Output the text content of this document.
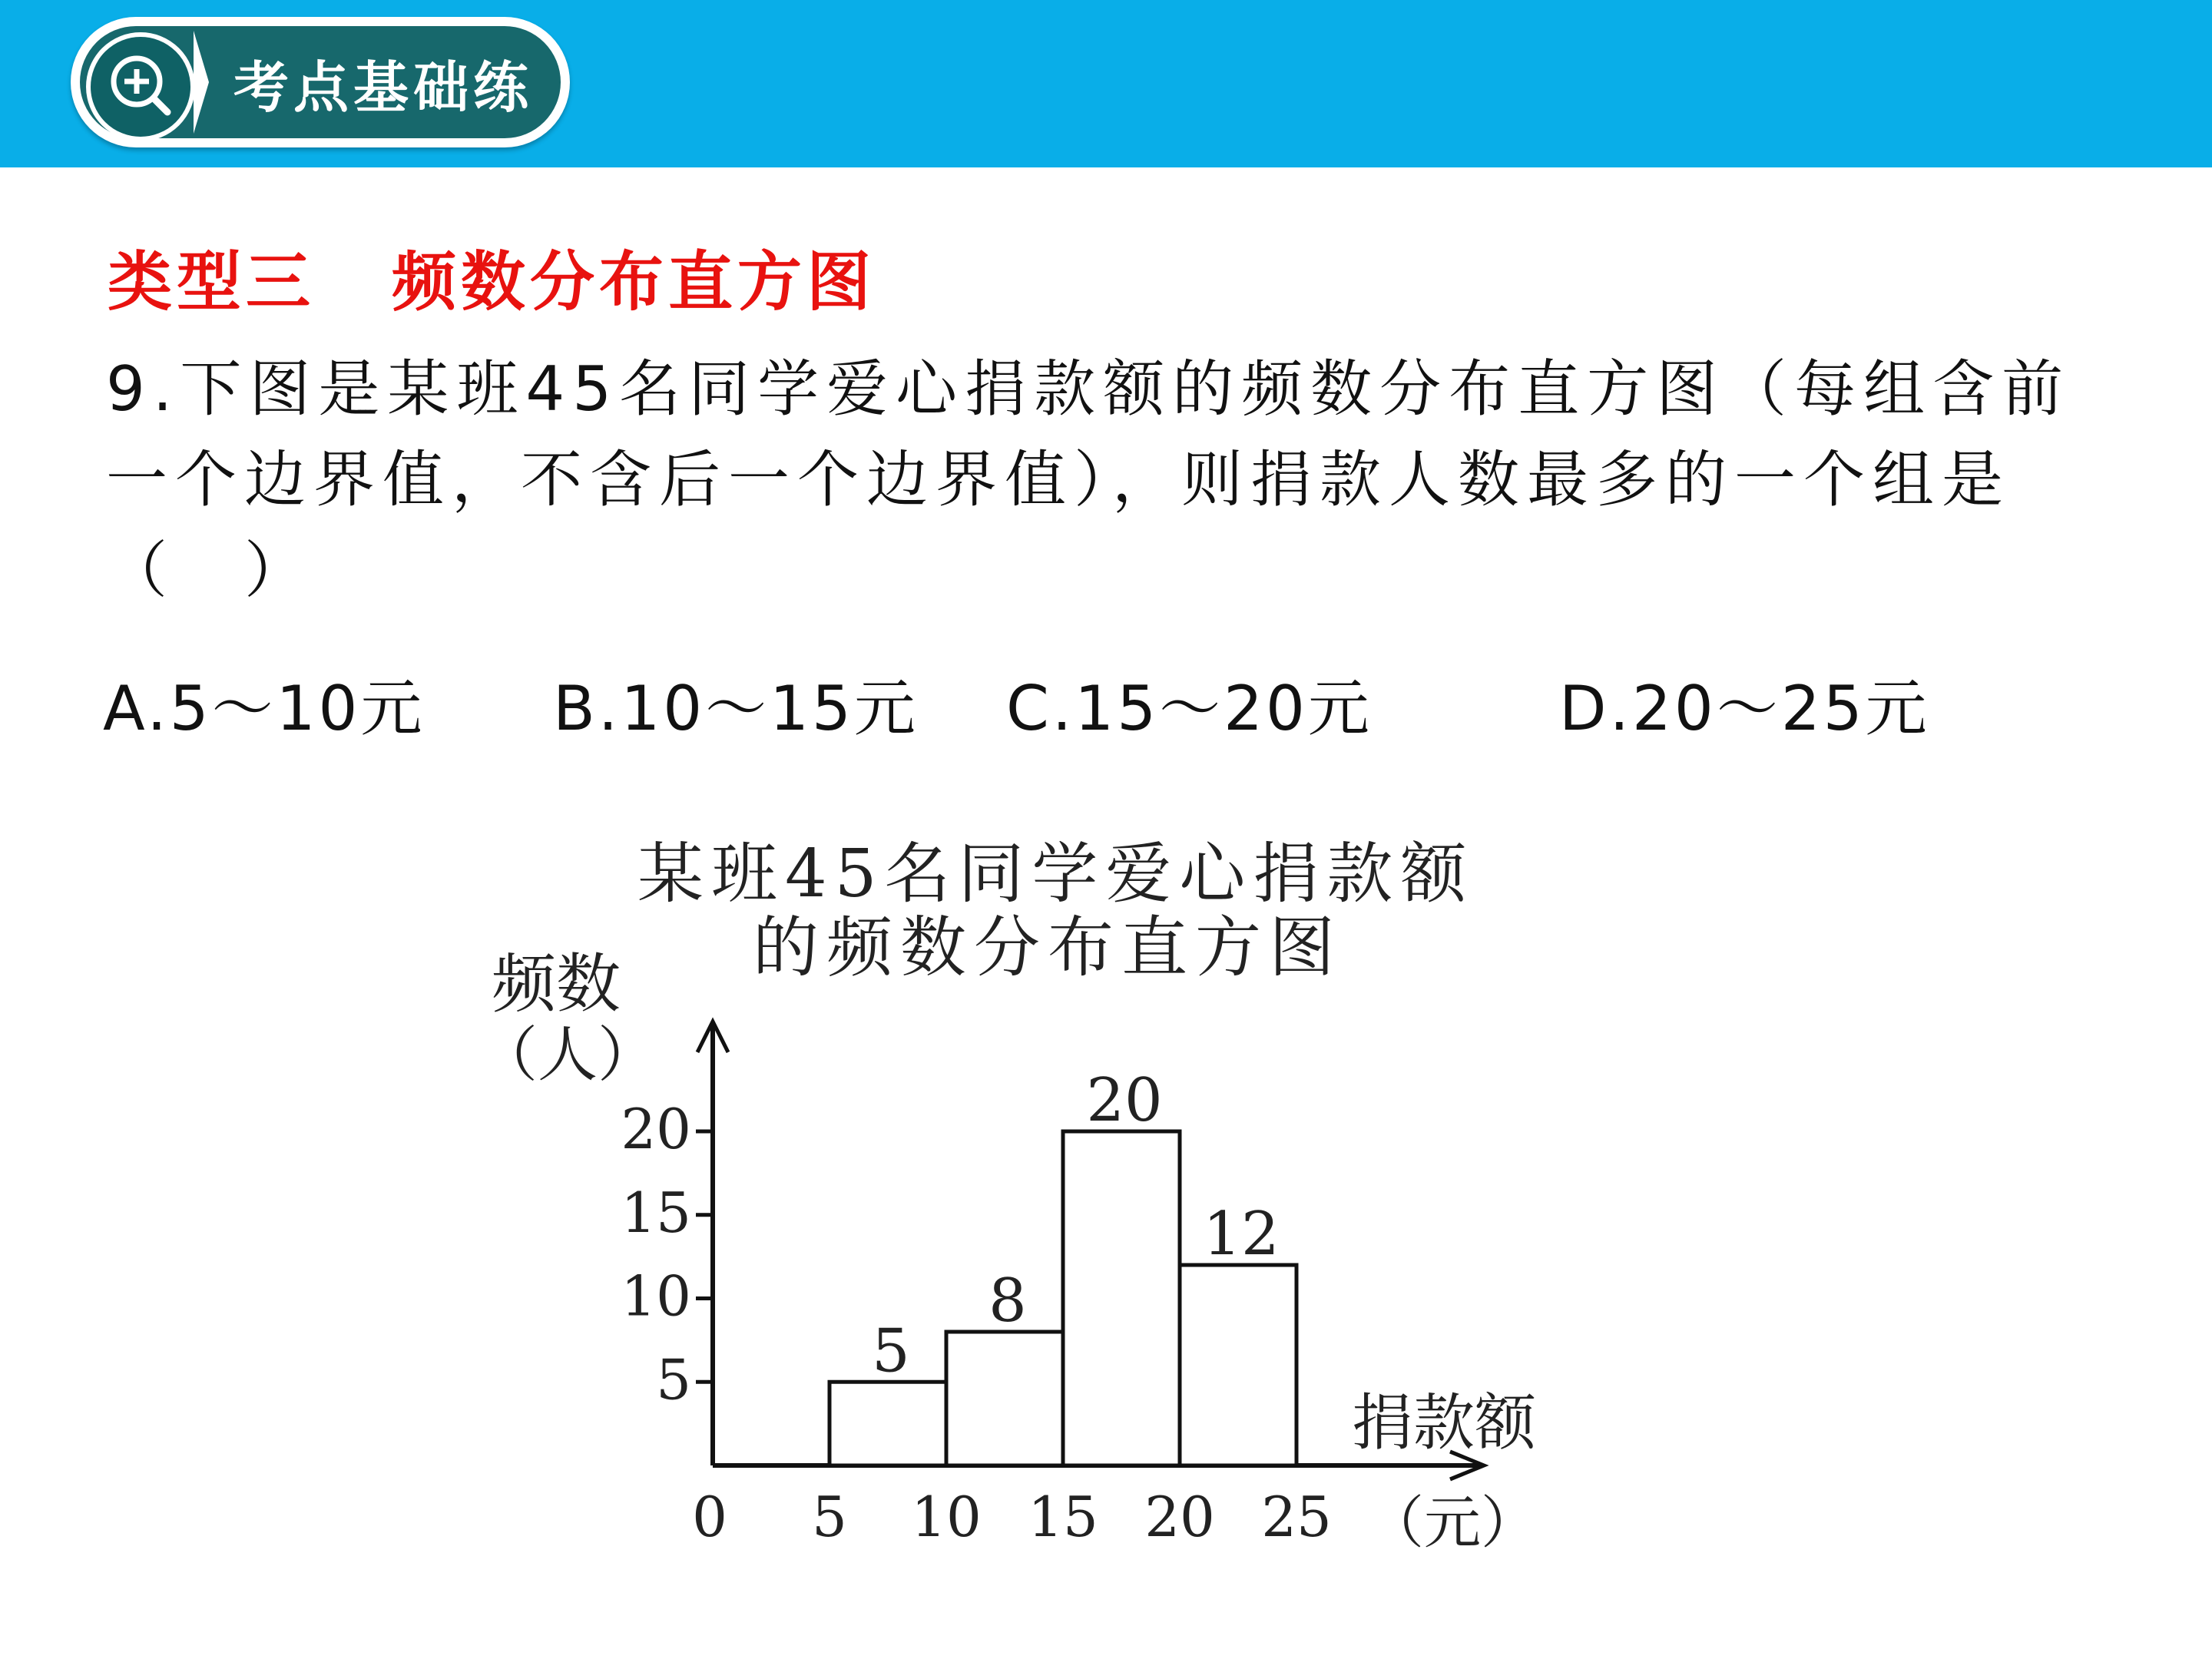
考点基础练
类型三 频数分布直方图
9.下图是某班45名同学爱心捐款额的频数分布直方图（每组含前一个边界值，不含后一个边界值），则捐款人数最多的一个组是（　）
A.5～10元 B.10～15元 C.15～20元	D.20～25元
某班45名同学爱心捐款额
的频数分布直方图
5
10
15
20
0 5 10 15 20 25
5
8
20
12
频数
（人）
捐款额
（元）
